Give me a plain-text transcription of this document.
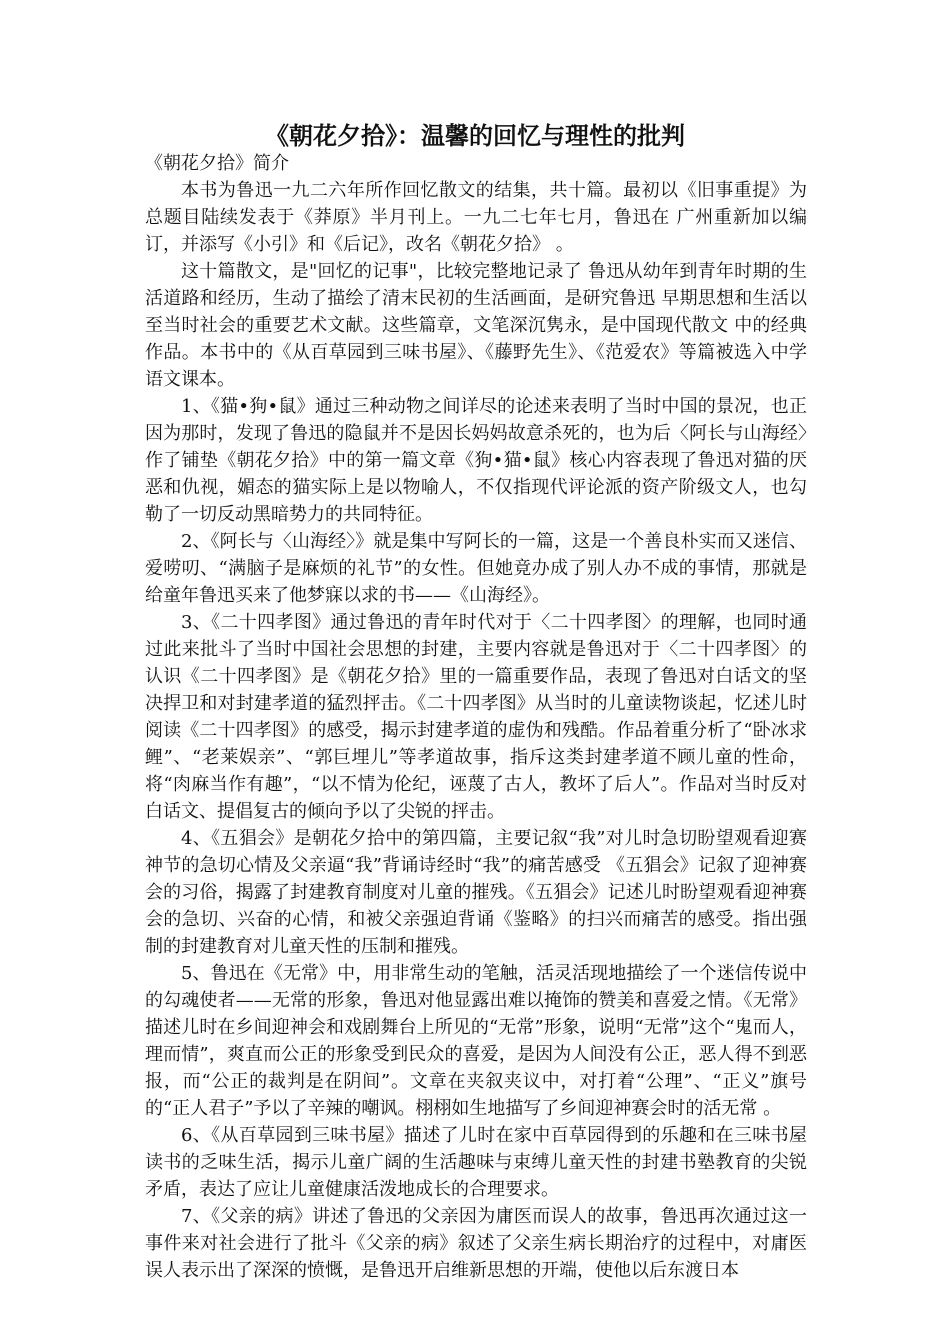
《朝花夕拾》：温馨的回忆与理性的批判

《朝花夕拾》简介

本书为鲁迅一九二六年所作回忆散文的结集，共十篇。最初以《旧事重提》为总题目陆续发表于《莽原》半月刊上。一九二七年七月，鲁迅在 广州重新加以编订，并添写《小引》和《后记》，改名《朝花夕拾》 。

这十篇散文，是"回忆的记事"，比较完整地记录了 鲁迅从幼年到青年时期的生活道路和经历，生动了描绘了清末民初的生活画面，是研究鲁迅 早期思想和生活以至当时社会的重要艺术文献。这些篇章，文笔深沉隽永，是中国现代散文 中的经典作品。本书中的《从百草园到三味书屋》、《藤野先生》、《范爱农》等篇被选入中学语文课本。

1、《猫•狗•鼠》通过三种动物之间详尽的论述来表明了当时中国的景况，也正因为那时，发现了鲁迅的隐鼠并不是因长妈妈故意杀死的，也为后〈阿长与山海经〉作了铺垫《朝花夕拾》中的第一篇文章《狗•猫•鼠》核心内容表现了鲁迅对猫的厌恶和仇视，媚态的猫实际上是以物喻人，不仅指现代评论派的资产阶级文人，也勾勒了一切反动黑暗势力的共同特征。

2、《阿长与〈山海经〉》就是集中写阿长的一篇，这是一个善良朴实而又迷信、爱唠叨、“满脑子是麻烦的礼节”的女性。但她竟办成了别人办不成的事情，那就是给童年鲁迅买来了他梦寐以求的书——《山海经》。

3、《二十四孝图》通过鲁迅的青年时代对于〈二十四孝图〉的理解，也同时通过此来批斗了当时中国社会思想的封建，主要内容就是鲁迅对于〈二十四孝图〉的认识《二十四孝图》是《朝花夕拾》里的一篇重要作品，表现了鲁迅对白话文的坚决捍卫和对封建孝道的猛烈抨击。《二十四孝图》从当时的儿童读物谈起，忆述儿时阅读《二十四孝图》的感受，揭示封建孝道的虚伪和残酷。作品着重分析了“卧冰求鲤”、“老莱娱亲”、“郭巨埋儿”等孝道故事，指斥这类封建孝道不顾儿童的性命，将“肉麻当作有趣”，“以不情为伦纪，诬蔑了古人，教坏了后人”。作品对当时反对白话文、提倡复古的倾向予以了尖锐的抨击。

4、《五猖会》是朝花夕拾中的第四篇，主要记叙“我”对儿时急切盼望观看迎赛神节的急切心情及父亲逼“我”背诵诗经时“我”的痛苦感受 《五猖会》记叙了迎神赛会的习俗，揭露了封建教育制度对儿童的摧残。《五猖会》记述儿时盼望观看迎神赛会的急切、兴奋的心情，和被父亲强迫背诵《鉴略》的扫兴而痛苦的感受。指出强制的封建教育对儿童天性的压制和摧残。

5、鲁迅在《无常》中，用非常生动的笔触，活灵活现地描绘了一个迷信传说中的勾魂使者——无常的形象，鲁迅对他显露出难以掩饰的赞美和喜爱之情。《无常》描述儿时在乡间迎神会和戏剧舞台上所见的“无常”形象，说明“无常”这个“鬼而人，理而情”，爽直而公正的形象受到民众的喜爱，是因为人间没有公正，恶人得不到恶报，而“公正的裁判是在阴间”。文章在夹叙夹议中，对打着“公理”、“正义”旗号的“正人君子”予以了辛辣的嘲讽。栩栩如生地描写了乡间迎神赛会时的活无常 。

6、《从百草园到三味书屋》描述了儿时在家中百草园得到的乐趣和在三味书屋读书的乏味生活，揭示儿童广阔的生活趣味与束缚儿童天性的封建书塾教育的尖锐矛盾，表达了应让儿童健康活泼地成长的合理要求。

7、《父亲的病》讲述了鲁迅的父亲因为庸医而误人的故事，鲁迅再次通过这一事件来对社会进行了批斗《父亲的病》叙述了父亲生病长期治疗的过程中，对庸医误人表示出了深深的愤慨，是鲁迅开启维新思想的开端，使他以后东渡日本
